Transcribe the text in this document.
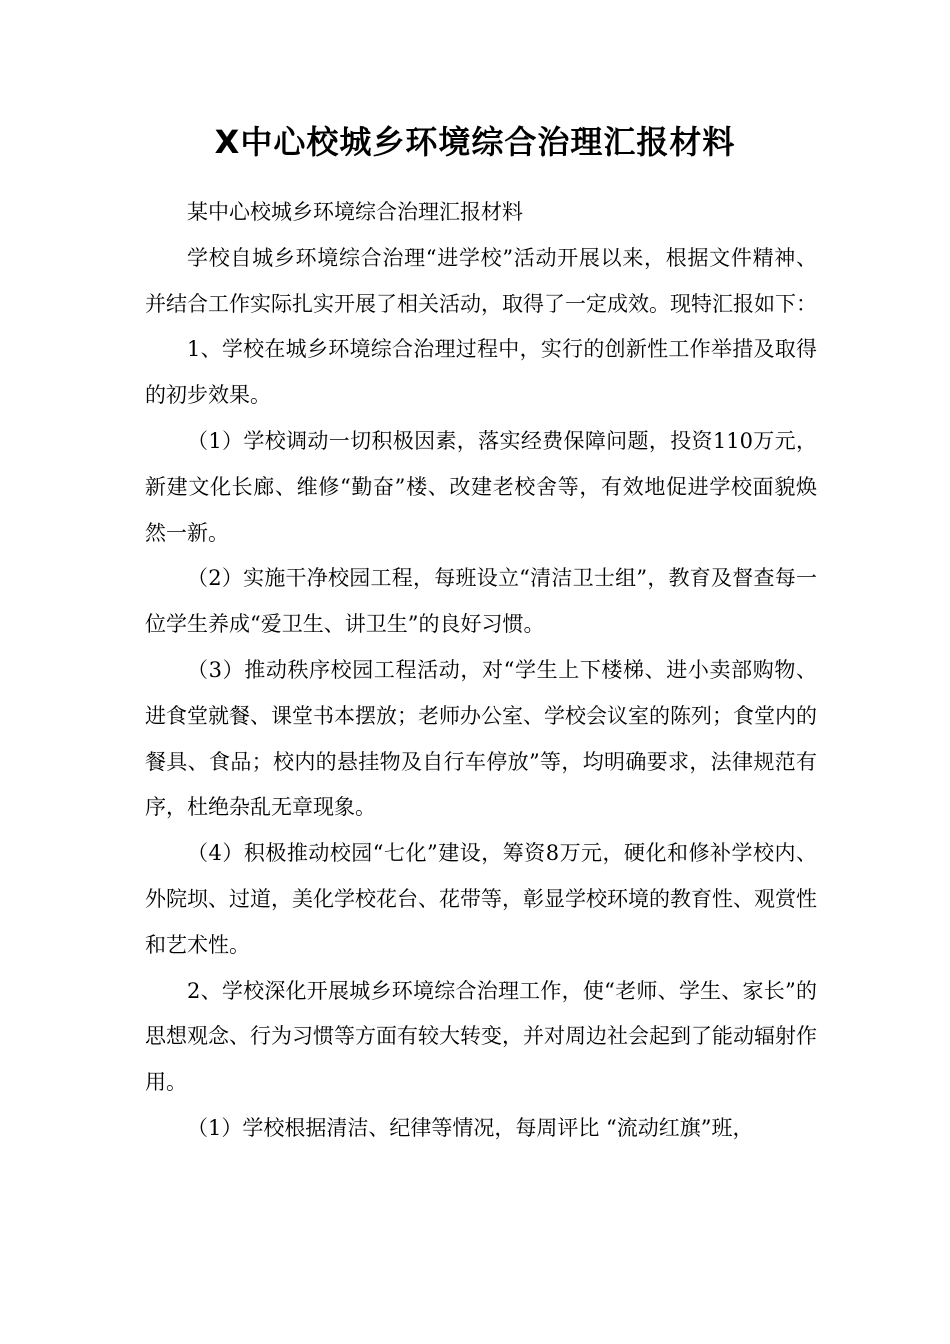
X中心校城乡环境综合治理汇报材料

某中心校城乡环境综合治理汇报材料

学校自城乡环境综合治理“进学校”活动开展以来，根据文件精神、并结合工作实际扎实开展了相关活动，取得了一定成效。现特汇报如下：

1、学校在城乡环境综合治理过程中，实行的创新性工作举措及取得的初步效果。

（1）学校调动一切积极因素，落实经费保障问题，投资110万元，新建文化长廊、维修“勤奋”楼、改建老校舍等，有效地促进学校面貌焕然一新。

（2）实施干净校园工程，每班设立“清洁卫士组”，教育及督查每一位学生养成“爱卫生、讲卫生”的良好习惯。

（3）推动秩序校园工程活动，对“学生上下楼梯、进小卖部购物、进食堂就餐、课堂书本摆放；老师办公室、学校会议室的陈列；食堂内的餐具、食品；校内的悬挂物及自行车停放”等，均明确要求，法律规范有序，杜绝杂乱无章现象。

（4）积极推动校园“七化”建设，筹资8万元，硬化和修补学校内、外院坝、过道，美化学校花台、花带等，彰显学校环境的教育性、观赏性和艺术性。

2、学校深化开展城乡环境综合治理工作，使“老师、学生、家长”的思想观念、行为习惯等方面有较大转变，并对周边社会起到了能动辐射作用。

（1）学校根据清洁、纪律等情况，每周评比 “流动红旗”班，
